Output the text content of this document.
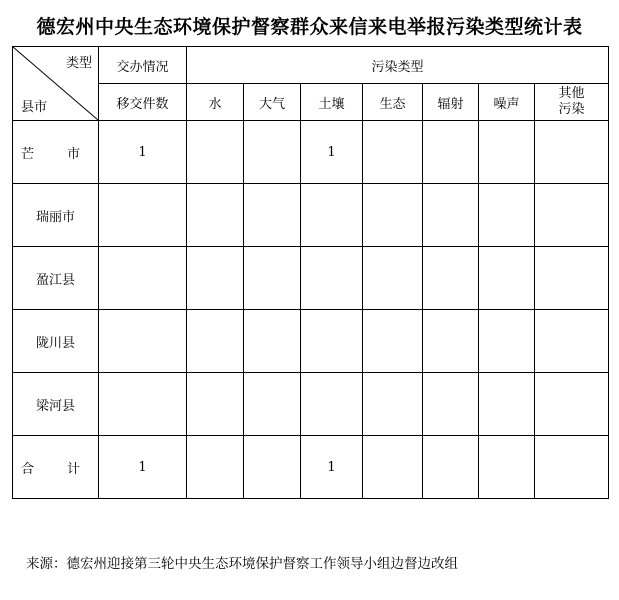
德宏州中央生态环境保护督察群众来信来电举报污染类型统计表
类型
县市	交办情况	污染类型						
	移交件数	水	大气	土壤	生态	辐射	噪声	其他
污染

芒　市	1			1				
瑞丽市								
盈江县								
陇川县								
梁河县								
合　计	1			1				
来源：德宏州迎接第三轮中央生态环境保护督察工作领导小组边督边改组
